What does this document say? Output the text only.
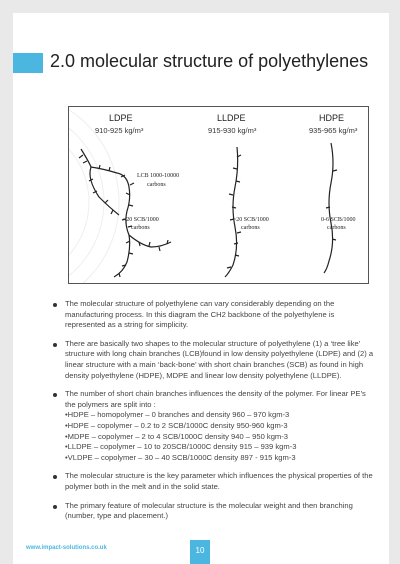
2.0 molecular structure of polyethylenes
LDPE
910-925 kg/m³
LLDPE
915-930 kg/m³
HDPE
935-965 kg/m³
LCB 1000-10000
carbons
~20 SCB/1000
carbons
~20 SCB/1000
carbons
0-6 SCB/1000
carbons
The molecular structure of polyethylene can vary considerably depending on the manufacturing process. In this diagram the CH2 backbone of the polyethylene is represented as a string for simplicity.
There are basically two shapes to the molecular structure of polyethylene (1) a ‘tree like’ structure with long chain branches (LCB)found in low density polyethylene (LDPE) and (2) a linear structure with a main ‘back-bone’ with short chain branches (SCB) as found in high density polyethylene (HDPE), MDPE and linear low density polyethylene (LLDPE).
The number of short chain branches influences the density of the polymer. For linear PE’s the polymers are split into :
• HDPE – homopolymer – 0 branches and density 960 – 970 kgm-3
• HDPE – copolymer – 0.2 to 2 SCB/1000C density 950-960 kgm-3
• MDPE – copolymer – 2 to 4 SCB/1000C density 940 – 950 kgm-3
• LLDPE – copolymer – 10 to 20SCB/1000C density 915 – 939 kgm-3
• VLDPE – copolymer – 30 – 40 SCB/1000C density 897 - 915 kgm-3
The molecular structure is the key parameter which influences the physical properties of the polymer both in the melt and in the solid state.
The primary feature of molecular structure is the molecular weight and then branching (number, type and placement.)
www.impact-solutions.co.uk	10
